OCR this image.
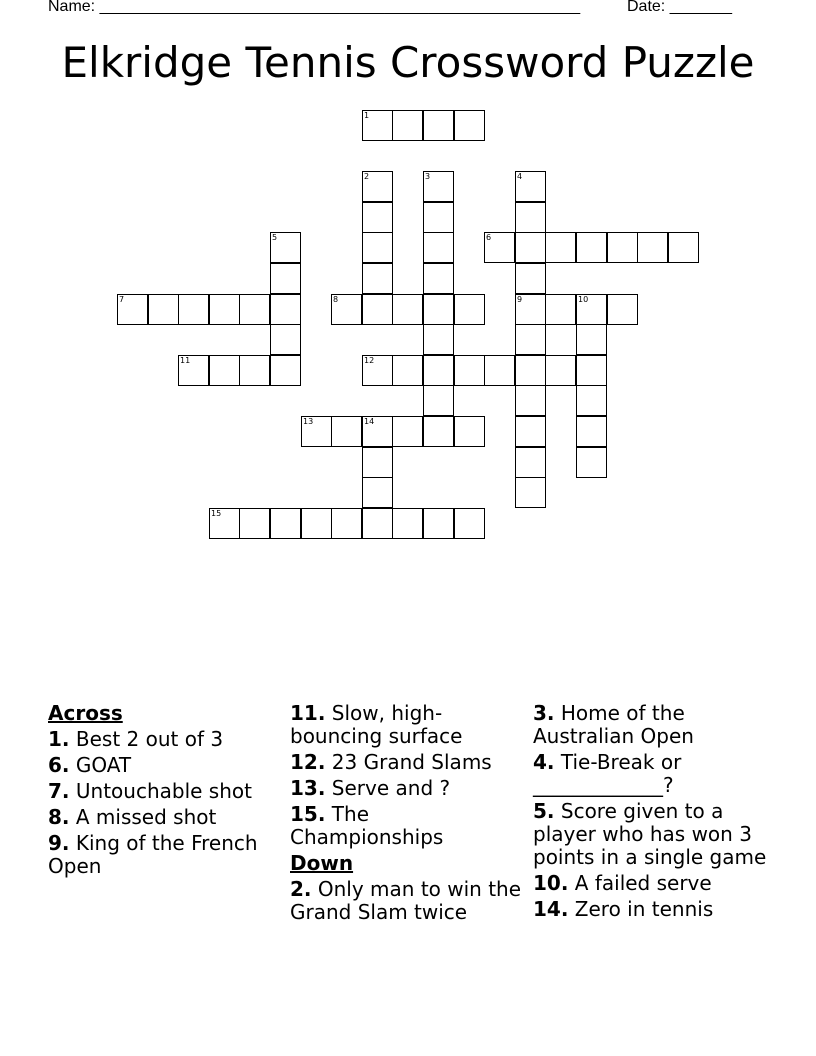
Name: ______________________________________________________	Date: _______
Elkridge Tennis Crossword Puzzle
1
6
7	8	9	10
11	12
13	14
15
2	3	4
5
Across
1. Best 2 out of 3
6. GOAT
7. Untouchable shot
8. A missed shot
9. King of the French Open
11. Slow, high-bouncing surface
12. 23 Grand Slams
13. Serve and ?
15. The Championships
Down
2. Only man to win the Grand Slam twice
3. Home of the Australian Open
4. Tie-Break or _____________?
5. Score given to a player who has won 3 points in a single game
10. A failed serve
14. Zero in tennis
